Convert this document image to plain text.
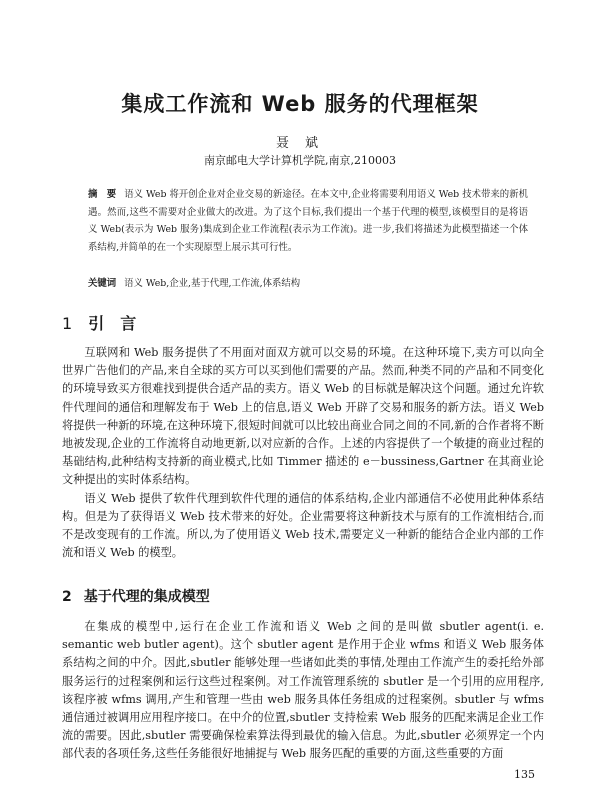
集成工作流和 Web 服务的代理框架
聂 斌
南京邮电大学计算机学院,南京,210003
摘　要 语义 Web 将开创企业对企业交易的新途径。在本文中,企业将需要利用语义 Web 技术带来的新机遇。然而,这些不需要对企业做大的改进。为了这个目标,我们提出一个基于代理的模型,该模型目的是将语义 Web(表示为 Web 服务)集成到企业工作流程(表示为工作流)。进一步,我们将描述为此模型描述一个体系结构,并简单的在一个实现原型上展示其可行性。
关键词 语义 Web,企业,基于代理,工作流,体系结构
1 引　言

互联网和 Web 服务提供了不用面对面双方就可以交易的环境。在这种环境下,卖方可以向全世界广告他们的产品,来自全球的买方可以买到他们需要的产品。然而,种类不同的产品和不同变化的环境导致买方很难找到提供合适产品的卖方。语义 Web 的目标就是解决这个问题。通过允许软件代理间的通信和理解发布于 Web 上的信息,语义 Web 开辟了交易和服务的新方法。语义 Web 将提供一种新的环境,在这种环境下,很短时间就可以比较出商业合同之间的不同,新的合作者将不断地被发现,企业的工作流将自动地更新,以对应新的合作。上述的内容提供了一个敏捷的商业过程的基础结构,此种结构支持新的商业模式,比如 Timmer 描述的 e－bussiness,Gartner 在其商业论文种提出的实时体系结构。

语义 Web 提供了软件代理到软件代理的通信的体系结构,企业内部通信不必使用此种体系结构。但是为了获得语义 Web 技术带来的好处。企业需要将这种新技术与原有的工作流相结合,而不是改变现有的工作流。所以,为了使用语义 Web 技术,需要定义一种新的能结合企业内部的工作流和语义 Web 的模型。

2 基于代理的集成模型

在集成的模型中,运行在企业工作流和语义 Web 之间的是叫做 sbutler agent(i. e. semantic web butler agent)。这个 sbutler agent 是作用于企业 wfms 和语义 Web 服务体系结构之间的中介。因此,sbutler 能够处理一些诸如此类的事情,处理由工作流产生的委托给外部服务运行的过程案例和运行这些过程案例。对工作流管理系统的 sbutler 是一个引用的应用程序,该程序被 wfms 调用,产生和管理一些由 web 服务具体任务组成的过程案例。sbutler 与 wfms 通信通过被调用应用程序接口。在中介的位置,sbutler 支持检索 Web 服务的匹配来满足企业工作流的需要。因此,sbutler 需要确保检索算法得到最优的输入信息。为此,sbutler 必须界定一个内部代表的各项任务,这些任务能很好地捕捉与 Web 服务匹配的重要的方面,这些重要的方面

135
